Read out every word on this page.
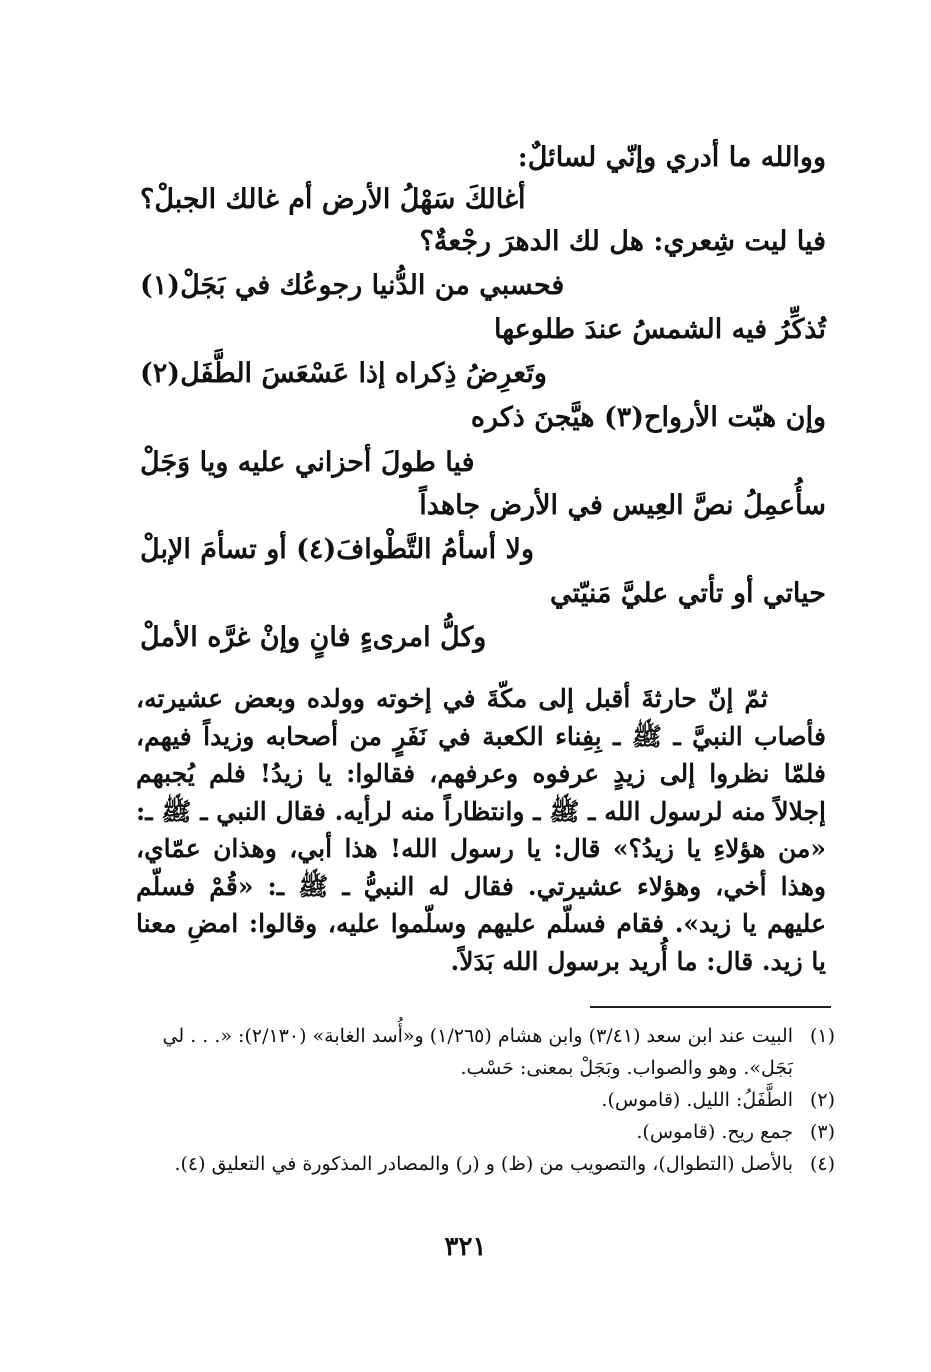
ووالله ما أدري وإنّي لسائلٌ:
أغالكَ سَهْلُ الأرض أم غالك الجبلْ؟
فيا ليت شِعري: هل لك الدهرَ رجْعةٌ؟
فحسبي من الدُّنيا رجوعُك في بَجَلْ(١)
تُذكِّرُ فيه الشمسُ عندَ طلوعها
وتَعرِضُ ذِكراه إذا عَسْعَسَ الطَّفَل(٢)
وإن هبّت الأرواح(٣) هيَّجنَ ذكره
فيا طولَ أحزاني عليه ويا وَجَلْ
سأُعمِلُ نصَّ العِيس في الأرض جاهداً
ولا أسأمُ التَّطْوافَ(٤) أو تسأمَ الإبلْ
حياتي أو تأتي عليَّ مَنيّتي
وكلُّ امرىءٍ فانٍ وإنْ غرَّه الأملْ

ثمّ إنّ حارثةَ أقبل إلى مكّةَ في إخوته وولده وبعض عشيرته، فأصاب النبيَّ ـ ﷺ ـ بِفِناء الكعبة في نَفَرٍ من أصحابه وزيداً فيهم، فلمّا نظروا إلى زيدٍ عرفوه وعرفهم، فقالوا: يا زيدُ! فلم يُجبهم إجلالاً منه لرسول الله ـ ﷺ ـ وانتظاراً منه لرأيه. فقال النبي ـ ﷺ ـ: «من هؤلاءِ يا زيدُ؟» قال: يا رسول الله! هذا أبي، وهذان عمّاي، وهذا أخي، وهؤلاء عشيرتي. فقال له النبيُّ ـ ﷺ ـ: «قُمْ فسلّم عليهم يا زيد». فقام فسلّم عليهم وسلّموا عليه، وقالوا: امضِ معنا يا زيد. قال: ما أُريد برسول الله بَدَلاً.

(١)
البيت عند ابن سعد (٣/٤١) وابن هشام (١/٢٦٥) و«أُسد الغابة» (٢/١٣٠): «. . . لي بَجَل». وهو والصواب. وبَجَلْ بمعنى: حَسْب.
(٢)
الطَّفَلُ: الليل. (قاموس).
(٣)
جمع ريح. (قاموس).
(٤)
بالأصل (التطوال)، والتصويب من (ظ) و (ر) والمصادر المذكورة في التعليق (٤).
٣٢١
